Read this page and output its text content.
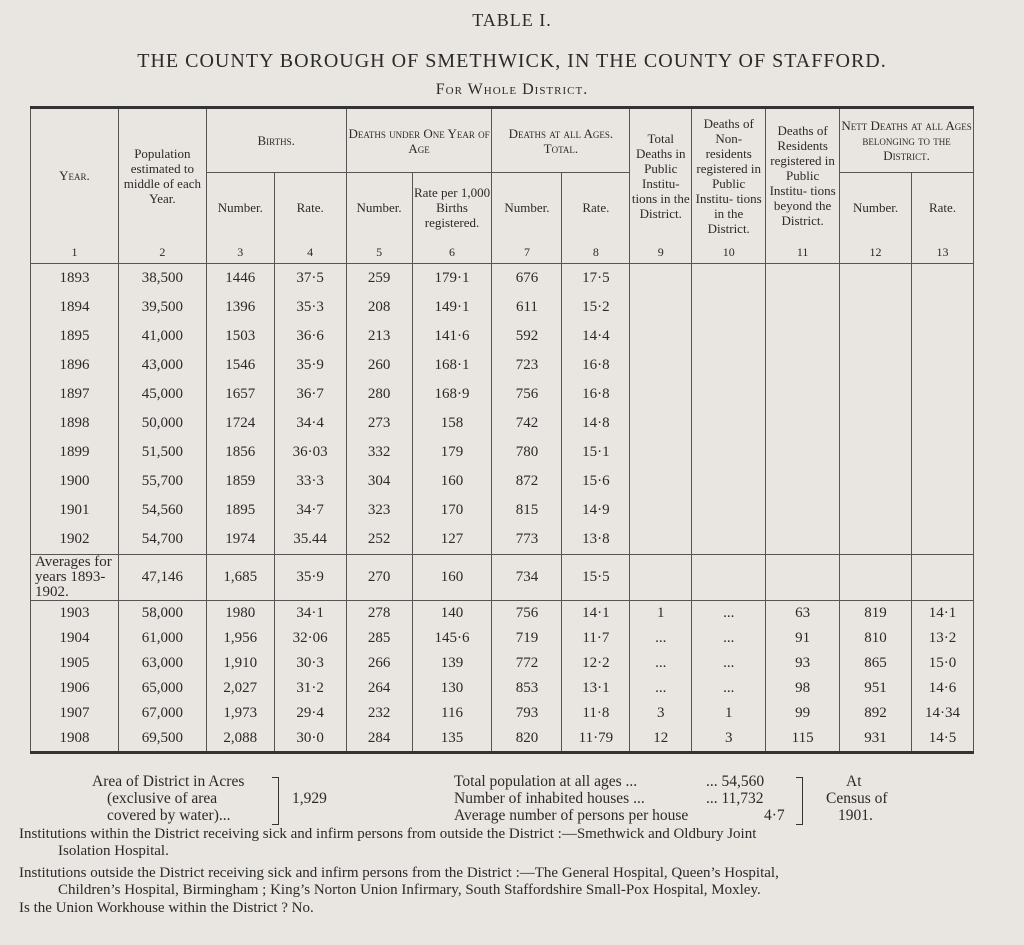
TABLE I.
THE COUNTY BOROUGH OF SMETHWICK, IN THE COUNTY OF STAFFORD.
For Whole District.
Year.	Population estimated to middle of each Year.	Births.		Deaths under One Year of Age		Deaths at all Ages. Total.		Total Deaths in Public Institu- tions in the District.	Deaths of Non- residents registered in Public Institu- tions in the District.	Deaths of Residents registered in Public Institu- tions beyond the District.	Nett Deaths at all Ages belonging to the District.	
		Number.	Rate.	Number.	Rate per 1,000 Births registered.	Number.	Rate.				Number.	Rate.
1	2	3	4	5	6	7	8	9	10	11	12	13
1893	38,500	1446	37·5	259	179·1	676	17·5					
1894	39,500	1396	35·3	208	149·1	611	15·2					
1895	41,000	1503	36·6	213	141·6	592	14·4					
1896	43,000	1546	35·9	260	168·1	723	16·8					
1897	45,000	1657	36·7	280	168·9	756	16·8					
1898	50,000	1724	34·4	273	158	742	14·8					
1899	51,500	1856	36·03	332	179	780	15·1					
1900	55,700	1859	33·3	304	160	872	15·6					
1901	54,560	1895	34·7	323	170	815	14·9					
1902	54,700	1974	35.44	252	127	773	13·8					
Averages for years 1893-1902.	47,146	1,685	35·9	270	160	734	15·5					
1903	58,000	1980	34·1	278	140	756	14·1	1	...	63	819	14·1
1904	61,000	1,956	32·06	285	145·6	719	11·7	...	...	91	810	13·2
1905	63,000	1,910	30·3	266	139	772	12·2	...	...	93	865	15·0
1906	65,000	2,027	31·2	264	130	853	13·1	...	...	98	951	14·6
1907	67,000	1,973	29·4	232	116	793	11·8	3	1	99	892	14·34
1908	69,500	2,088	30·0	284	135	820	11·79	12	3	115	931	14·5
Area of District in Acres
(exclusive of area
covered by water)...
1,929
Total population at all ages ...	... 54,560
Number of inhabited houses ...	... 11,732
Average number of persons per house	4·7
At
Census of
1901.
Institutions within the District receiving sick and infirm persons from outside the District :—Smethwick and Oldbury Joint
Isolation Hospital.
Institutions outside the District receiving sick and infirm persons from the District :—The General Hospital, Queen’s Hospital,
Children’s Hospital, Birmingham ; King’s Norton Union Infirmary, South Staffordshire Small-Pox Hospital, Moxley.
Is the Union Workhouse within the District ? No.
